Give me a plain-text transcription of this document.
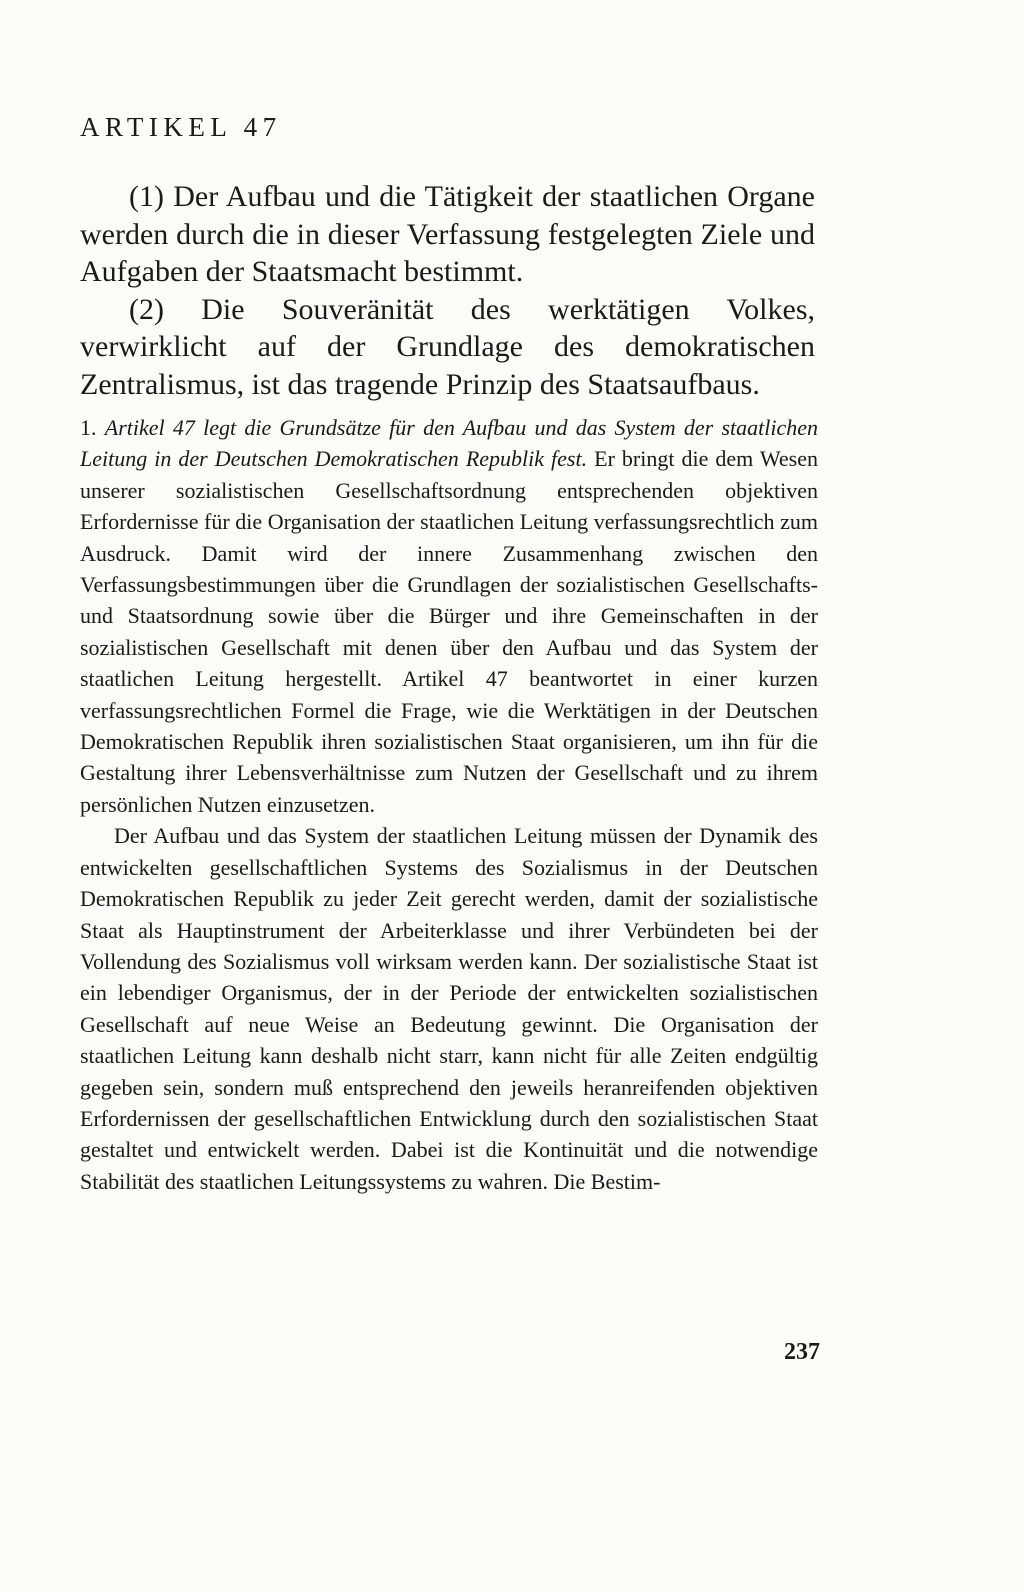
ARTIKEL 47

(1) Der Aufbau und die Tätigkeit der staatlichen Organe werden durch die in dieser Verfassung festgelegten Ziele und Aufgaben der Staatsmacht bestimmt.

(2) Die Souveränität des werktätigen Volkes, verwirklicht auf der Grundlage des demokratischen Zentralismus, ist das tragende Prinzip des Staatsaufbaus.

1. Artikel 47 legt die Grundsätze für den Aufbau und das System der staatlichen Leitung in der Deutschen Demokratischen Republik fest. Er bringt die dem Wesen unserer sozialistischen Gesellschaftsordnung entsprechenden objektiven Erfordernisse für die Organisation der staatlichen Leitung verfassungsrechtlich zum Ausdruck. Damit wird der innere Zusammenhang zwischen den Verfassungsbestimmungen über die Grundlagen der sozialistischen Gesellschafts- und Staatsordnung sowie über die Bürger und ihre Gemeinschaften in der sozialistischen Gesellschaft mit denen über den Aufbau und das System der staatlichen Leitung hergestellt. Artikel 47 beantwortet in einer kurzen verfassungsrechtlichen Formel die Frage, wie die Werktätigen in der Deutschen Demokratischen Republik ihren sozialistischen Staat organisieren, um ihn für die Gestaltung ihrer Lebensverhältnisse zum Nutzen der Gesellschaft und zu ihrem persönlichen Nutzen einzusetzen.

Der Aufbau und das System der staatlichen Leitung müssen der Dynamik des entwickelten gesellschaftlichen Systems des Sozialismus in der Deutschen Demokratischen Republik zu jeder Zeit gerecht werden, damit der sozialistische Staat als Hauptinstrument der Arbeiterklasse und ihrer Verbündeten bei der Vollendung des Sozialismus voll wirksam werden kann. Der sozialistische Staat ist ein lebendiger Organismus, der in der Periode der entwickelten sozialistischen Gesellschaft auf neue Weise an Bedeutung gewinnt. Die Organisation der staatlichen Leitung kann deshalb nicht starr, kann nicht für alle Zeiten endgültig gegeben sein, sondern muß entsprechend den jeweils heranreifenden objektiven Erfordernissen der gesellschaftlichen Entwicklung durch den sozialistischen Staat gestaltet und entwickelt werden. Dabei ist die Kontinuität und die notwendige Stabilität des staatlichen Leitungssystems zu wahren. Die Bestim-

237
